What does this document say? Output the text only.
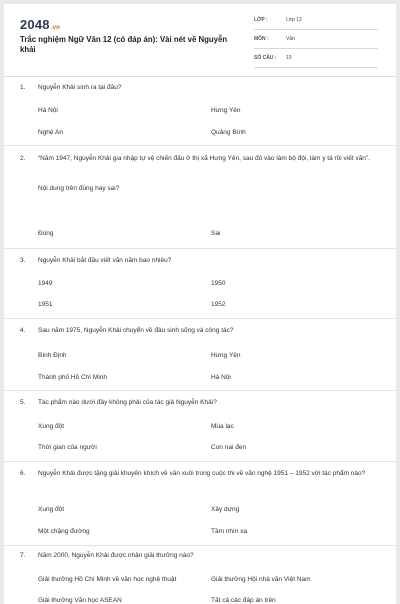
2048.vn
Trắc nghiệm Ngữ Văn 12 (có đáp án): Vài nét về Nguyễn khải
LỚP :	Lớp 12
MÔN :	Văn
SỐ CÂU : 10
1. Nguyễn Khải sinh ra tại đâu?
Hà Nội	Hưng Yên
Nghệ An	Quảng Bình
2. “Năm 1947, Nguyễn Khải gia nhập tự vệ chiến đấu ở thị xã Hưng Yên, sau đó vào làm bộ đội, làm y tá rồi viết văn”.
Nội dung trên đúng hay sai?
Đúng	Sai
3. Nguyễn Khải bắt đầu viết văn năm bao nhiêu?
1949	1950
1951	1952
4. Sau năm 1975, Nguyễn Khải chuyển về đâu sinh sống và công tác?
Bình Định	Hưng Yên
Thành phố Hồ Chí Minh	Hà Nội
5. Tác phẩm nào dưới đây không phải của tác giả Nguyễn Khải?
Xung đột	Mùa lạc
Thời gian của người	Con nai đen
6. Nguyễn Khải được tặng giải khuyến khích về văn xuôi trong cuộc thi về văn nghệ 1951 – 1952 với tác phẩm nào?
Xung đột	Xây dựng
Một chặng đường	Tầm nhìn xa
7. Năm 2000, Nguyễn Khải được nhận giải thưởng nào?
Giải thưởng Hồ Chí Minh về văn học nghệ thuật	Giải thưởng Hội nhà văn Việt Nam
Giải thưởng Văn học ASEAN	Tất cả các đáp án trên
